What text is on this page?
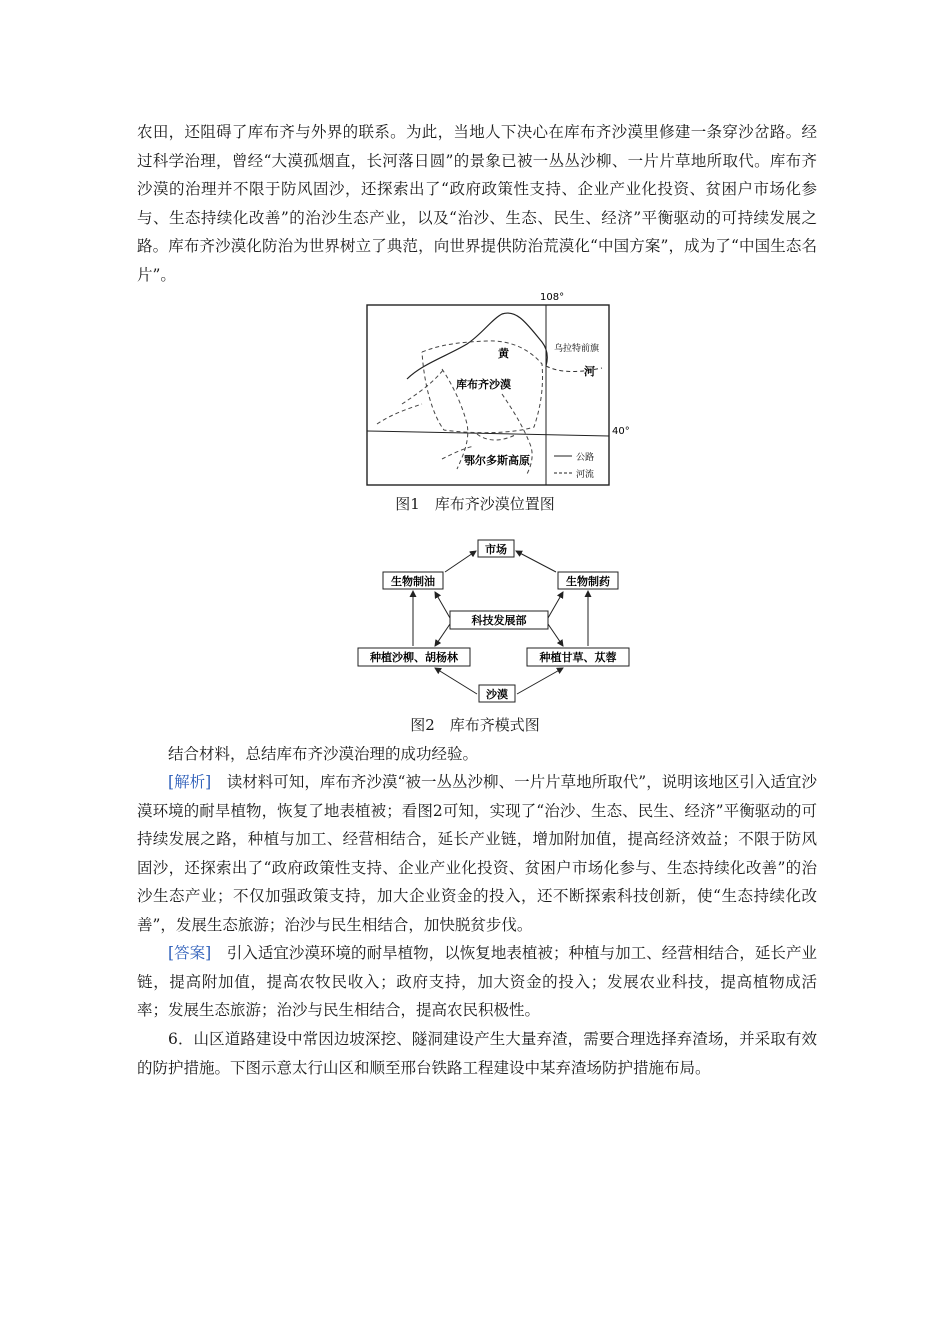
农田，还阻碍了库布齐与外界的联系。为此，当地人下决心在库布齐沙漠里修建一条穿沙岔路。经过科学治理，曾经“大漠孤烟直，长河落日圆”的景象已被一丛丛沙柳、一片片草地所取代。库布齐沙漠的治理并不限于防风固沙，还探索出了“政府政策性支持、企业产业化投资、贫困户市场化参与、生态持续化改善”的治沙生态产业，以及“治沙、生态、民生、经济”平衡驱动的可持续发展之路。库布齐沙漠化防治为世界树立了典范，向世界提供防治荒漠化“中国方案”，成为了“中国生态名片”。

108°
40°
乌拉特前旗
黄
河
库布齐沙漠
鄂尔多斯高原	公路
河流
图1　库布齐沙漠位置图
市场
生物制油	生物制药
科技发展部
种植沙柳、胡杨林	种植甘草、苁蓉
沙漠
图2　库布齐模式图

结合材料，总结库布齐沙漠治理的成功经验。

[解析]　 读材料可知，库布齐沙漠“被一丛丛沙柳、一片片草地所取代”，说明该地区引入适宜沙漠环境的耐旱植物，恢复了地表植被；看图2可知，实现了“治沙、生态、民生、经济”平衡驱动的可持续发展之路，种植与加工、经营相结合，延长产业链，增加附加值，提高经济效益；不限于防风固沙，还探索出了“政府政策性支持、企业产业化投资、贫困户市场化参与、生态持续化改善”的治沙生态产业；不仅加强政策支持，加大企业资金的投入，还不断探索科技创新，使“生态持续化改善”，发展生态旅游；治沙与民生相结合，加快脱贫步伐。

[答案]　 引入适宜沙漠环境的耐旱植物，以恢复地表植被；种植与加工、经营相结合，延长产业链，提高附加值，提高农牧民收入；政府支持，加大资金的投入；发展农业科技，提高植物成活率；发展生态旅游；治沙与民生相结合，提高农民积极性。

6．山区道路建设中常因边坡深挖、隧洞建设产生大量弃渣，需要合理选择弃渣场，并采取有效的防护措施。下图示意太行山区和顺至邢台铁路工程建设中某弃渣场防护措施布局。
